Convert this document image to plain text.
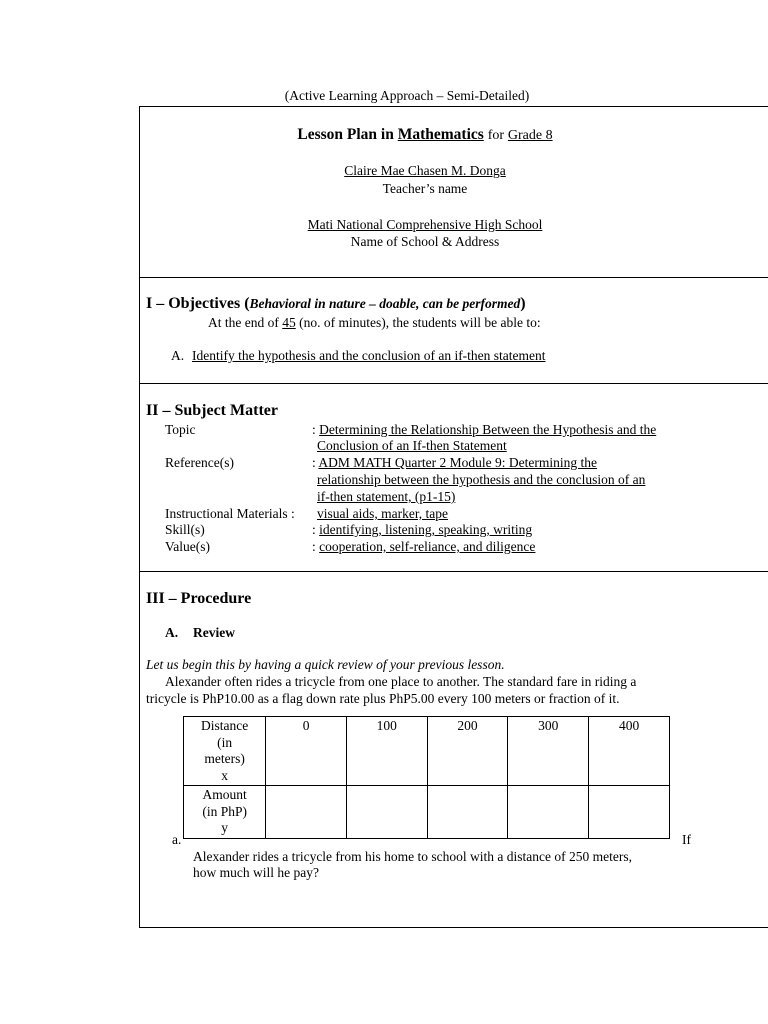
(Active Learning Approach – Semi-Detailed)
Lesson Plan in Mathematics for Grade 8
Claire Mae Chasen M. Donga
Teacher’s name
Mati National Comprehensive High School
Name of School & Address
I – Objectives (Behavioral in nature – doable, can be performed)
At the end of 45 (no. of minutes), the students will be able to:
A. Identify the hypothesis and the conclusion of an if-then statement
II – Subject Matter
Topic	: Determining the Relationship Between the Hypothesis and the
Conclusion of an If-then Statement
Reference(s)	: ADM MATH Quarter 2 Module 9: Determining the
relationship between the hypothesis and the conclusion of an
if-then statement, (p1-15)
Instructional Materials : visual aids, marker, tape
Skill(s)	: identifying, listening, speaking, writing
Value(s)	: cooperation, self-reliance, and diligence
III – Procedure
A. Review
Let us begin this by having a quick review of your previous lesson.
Alexander often rides a tricycle from one place to another. The standard fare in riding a
tricycle is PhP10.00 as a flag down rate plus PhP5.00 every 100 meters or fraction of it.
Distance
(in
meters)
x	0	100	200	300	400

Amount
(in PhP)
y					

a.	If
Alexander rides a tricycle from his home to school with a distance of 250 meters,
how much will he pay?
